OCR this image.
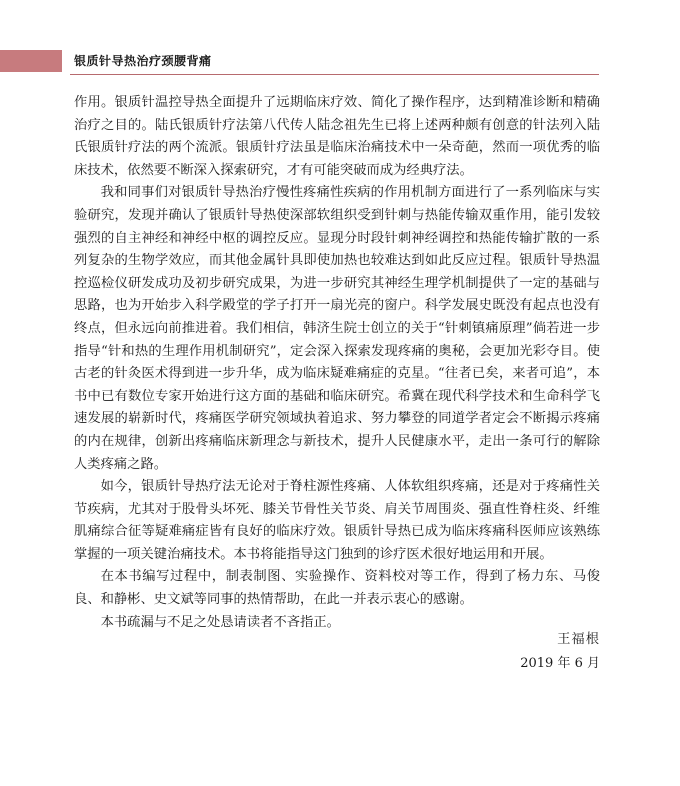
银质针导热治疗颈腰背痛

作用。银质针温控导热全面提升了远期临床疗效、简化了操作程序，达到精准诊断和精确治疗之目的。陆氏银质针疗法第八代传人陆念祖先生已将上述两种颇有创意的针法列入陆氏银质针疗法的两个流派。银质针疗法虽是临床治痛技术中一朵奇葩，然而一项优秀的临床技术，依然要不断深入探索研究，才有可能突破而成为经典疗法。

我和同事们对银质针导热治疗慢性疼痛性疾病的作用机制方面进行了一系列临床与实验研究，发现并确认了银质针导热使深部软组织受到针刺与热能传输双重作用，能引发较强烈的自主神经和神经中枢的调控反应。显现分时段针刺神经调控和热能传输扩散的一系列复杂的生物学效应，而其他金属针具即使加热也较难达到如此反应过程。银质针导热温控巡检仪研发成功及初步研究成果，为进一步研究其神经生理学机制提供了一定的基础与思路，也为开始步入科学殿堂的学子打开一扇光亮的窗户。科学发展史既没有起点也没有终点，但永远向前推进着。我们相信，韩济生院士创立的关于“针刺镇痛原理”倘若进一步指导“针和热的生理作用机制研究”，定会深入探索发现疼痛的奥秘，会更加光彩夺目。使古老的针灸医术得到进一步升华，成为临床疑难痛症的克星。“往者已矣，来者可追”，本书中已有数位专家开始进行这方面的基础和临床研究。希冀在现代科学技术和生命科学飞速发展的崭新时代，疼痛医学研究领域执着追求、努力攀登的同道学者定会不断揭示疼痛的内在规律，创新出疼痛临床新理念与新技术，提升人民健康水平，走出一条可行的解除人类疼痛之路。

如今，银质针导热疗法无论对于脊柱源性疼痛、人体软组织疼痛，还是对于疼痛性关节疾病，尤其对于股骨头坏死、膝关节骨性关节炎、肩关节周围炎、强直性脊柱炎、纤维肌痛综合征等疑难痛症皆有良好的临床疗效。银质针导热已成为临床疼痛科医师应该熟练掌握的一项关键治痛技术。本书将能指导这门独到的诊疗医术很好地运用和开展。

在本书编写过程中，制表制图、实验操作、资料校对等工作，得到了杨力东、马俊良、和静彬、史文斌等同事的热情帮助，在此一并表示衷心的感谢。

本书疏漏与不足之处恳请读者不吝指正。

王福根
2019 年 6 月
